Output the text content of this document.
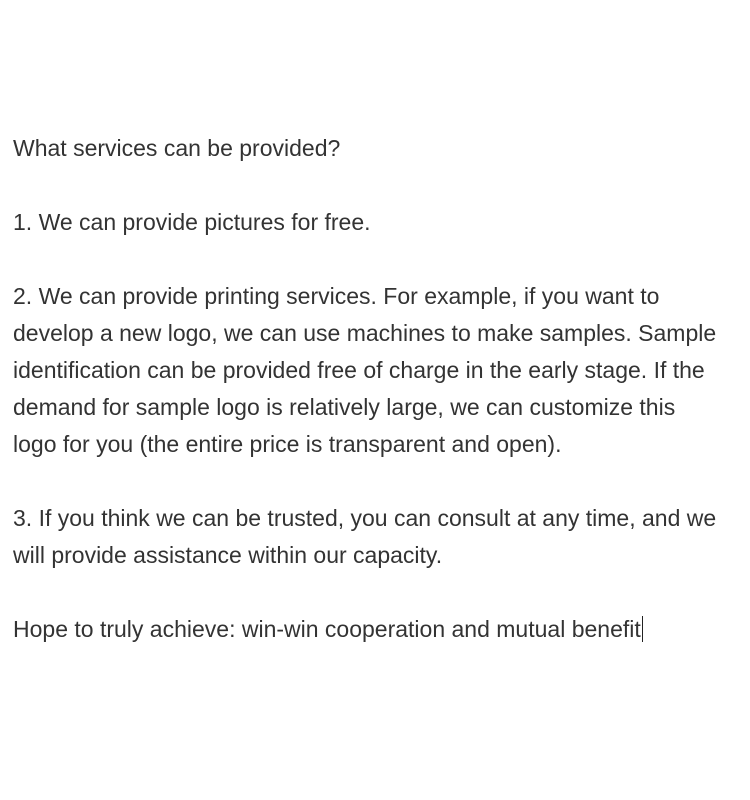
What services can be provided?

1. We can provide pictures for free.

2. We can provide printing services. For example, if you want to
develop a new logo, we can use machines to make samples. Sample
identification can be provided free of charge in the early stage. If the
demand for sample logo is relatively large, we can customize this
logo for you (the entire price is transparent and open).

3. If you think we can be trusted, you can consult at any time, and we
will provide assistance within our capacity.

Hope to truly achieve: win-win cooperation and mutual benefit
